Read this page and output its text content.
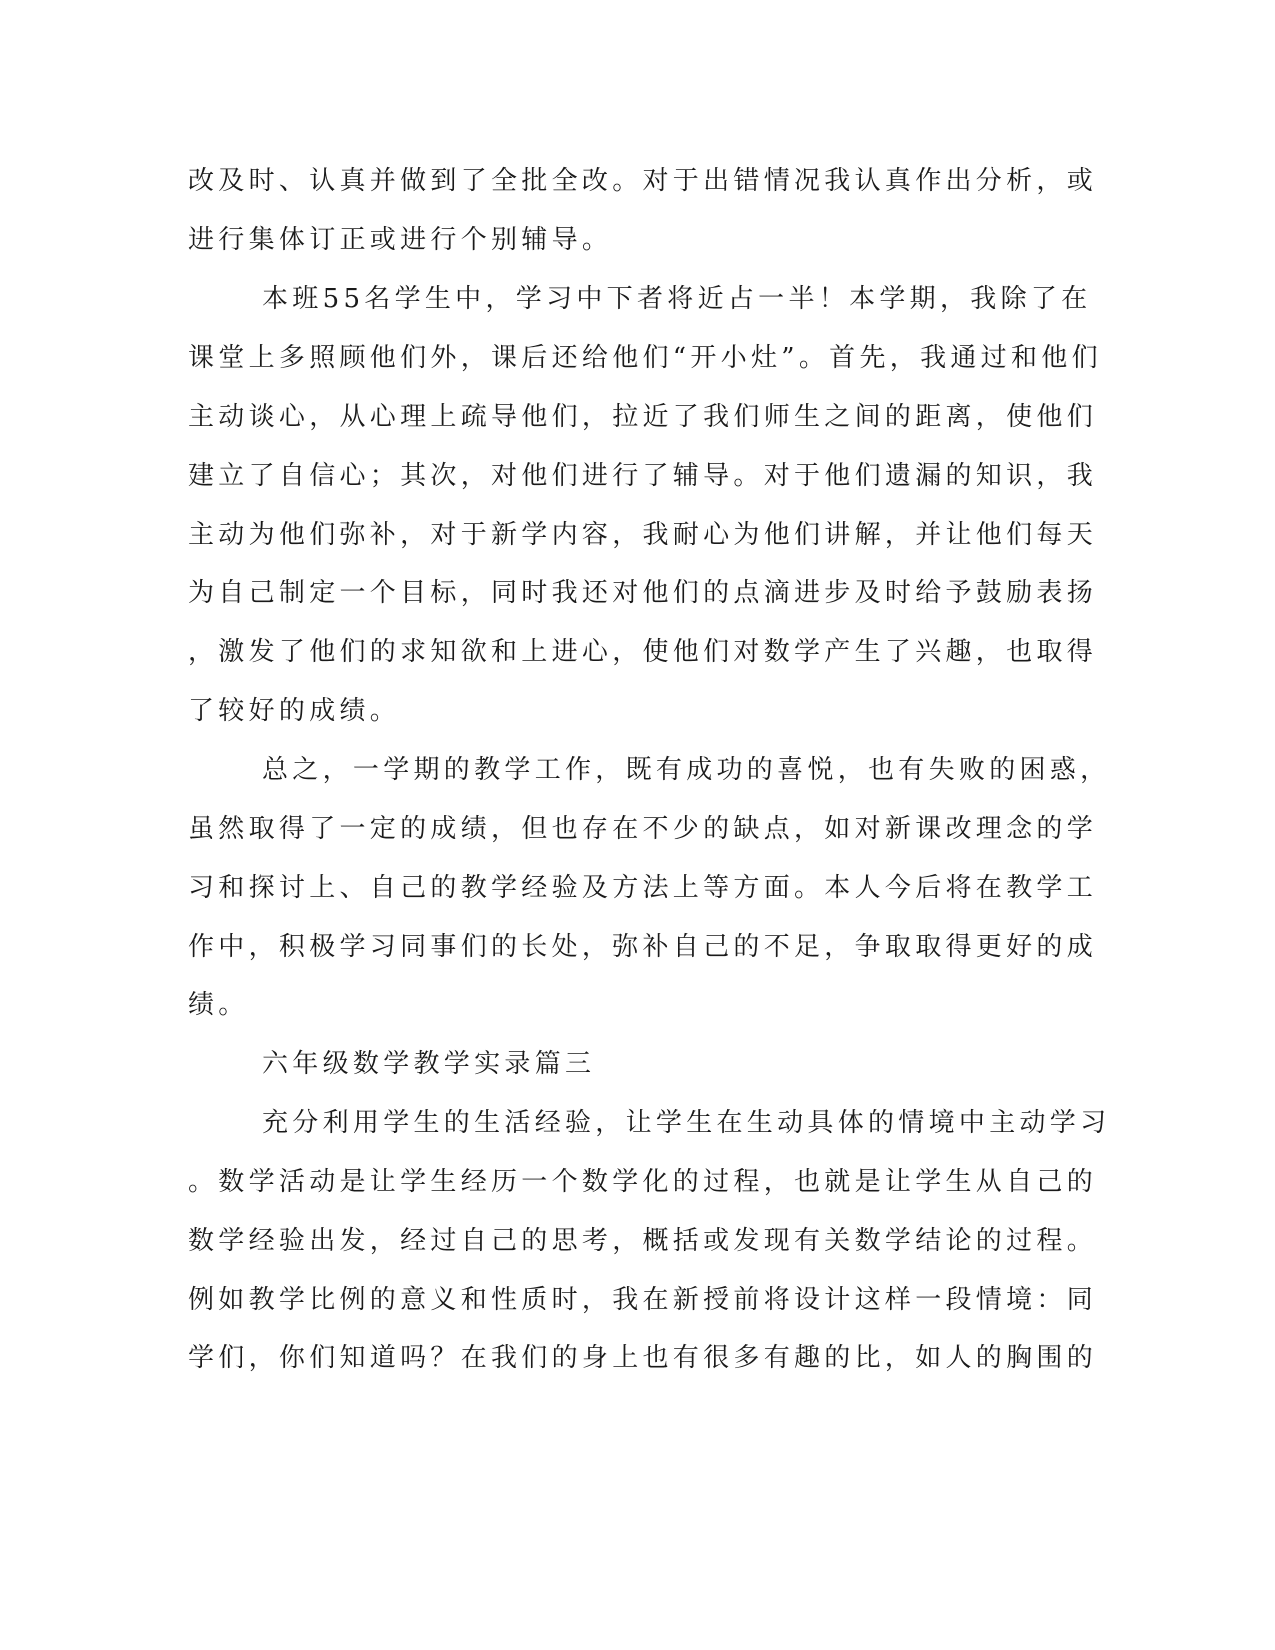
改及时、认真并做到了全批全改。对于出错情况我认真作出分析，或
进行集体订正或进行个别辅导。
本班55名学生中，学习中下者将近占一半！本学期，我除了在
课堂上多照顾他们外，课后还给他们“开小灶”。首先，我通过和他们
主动谈心，从心理上疏导他们，拉近了我们师生之间的距离，使他们
建立了自信心；其次，对他们进行了辅导。对于他们遗漏的知识，我
主动为他们弥补，对于新学内容，我耐心为他们讲解，并让他们每天
为自己制定一个目标，同时我还对他们的点滴进步及时给予鼓励表扬
，激发了他们的求知欲和上进心，使他们对数学产生了兴趣，也取得
了较好的成绩。
总之，一学期的教学工作，既有成功的喜悦，也有失败的困惑，
虽然取得了一定的成绩，但也存在不少的缺点，如对新课改理念的学
习和探讨上、自己的教学经验及方法上等方面。本人今后将在教学工
作中，积极学习同事们的长处，弥补自己的不足，争取取得更好的成
绩。
六年级数学教学实录篇三
充分利用学生的生活经验，让学生在生动具体的情境中主动学习
。数学活动是让学生经历一个数学化的过程，也就是让学生从自己的
数学经验出发，经过自己的思考，概括或发现有关数学结论的过程。
例如教学比例的意义和性质时，我在新授前将设计这样一段情境：同
学们，你们知道吗？在我们的身上也有很多有趣的比，如人的胸围的
